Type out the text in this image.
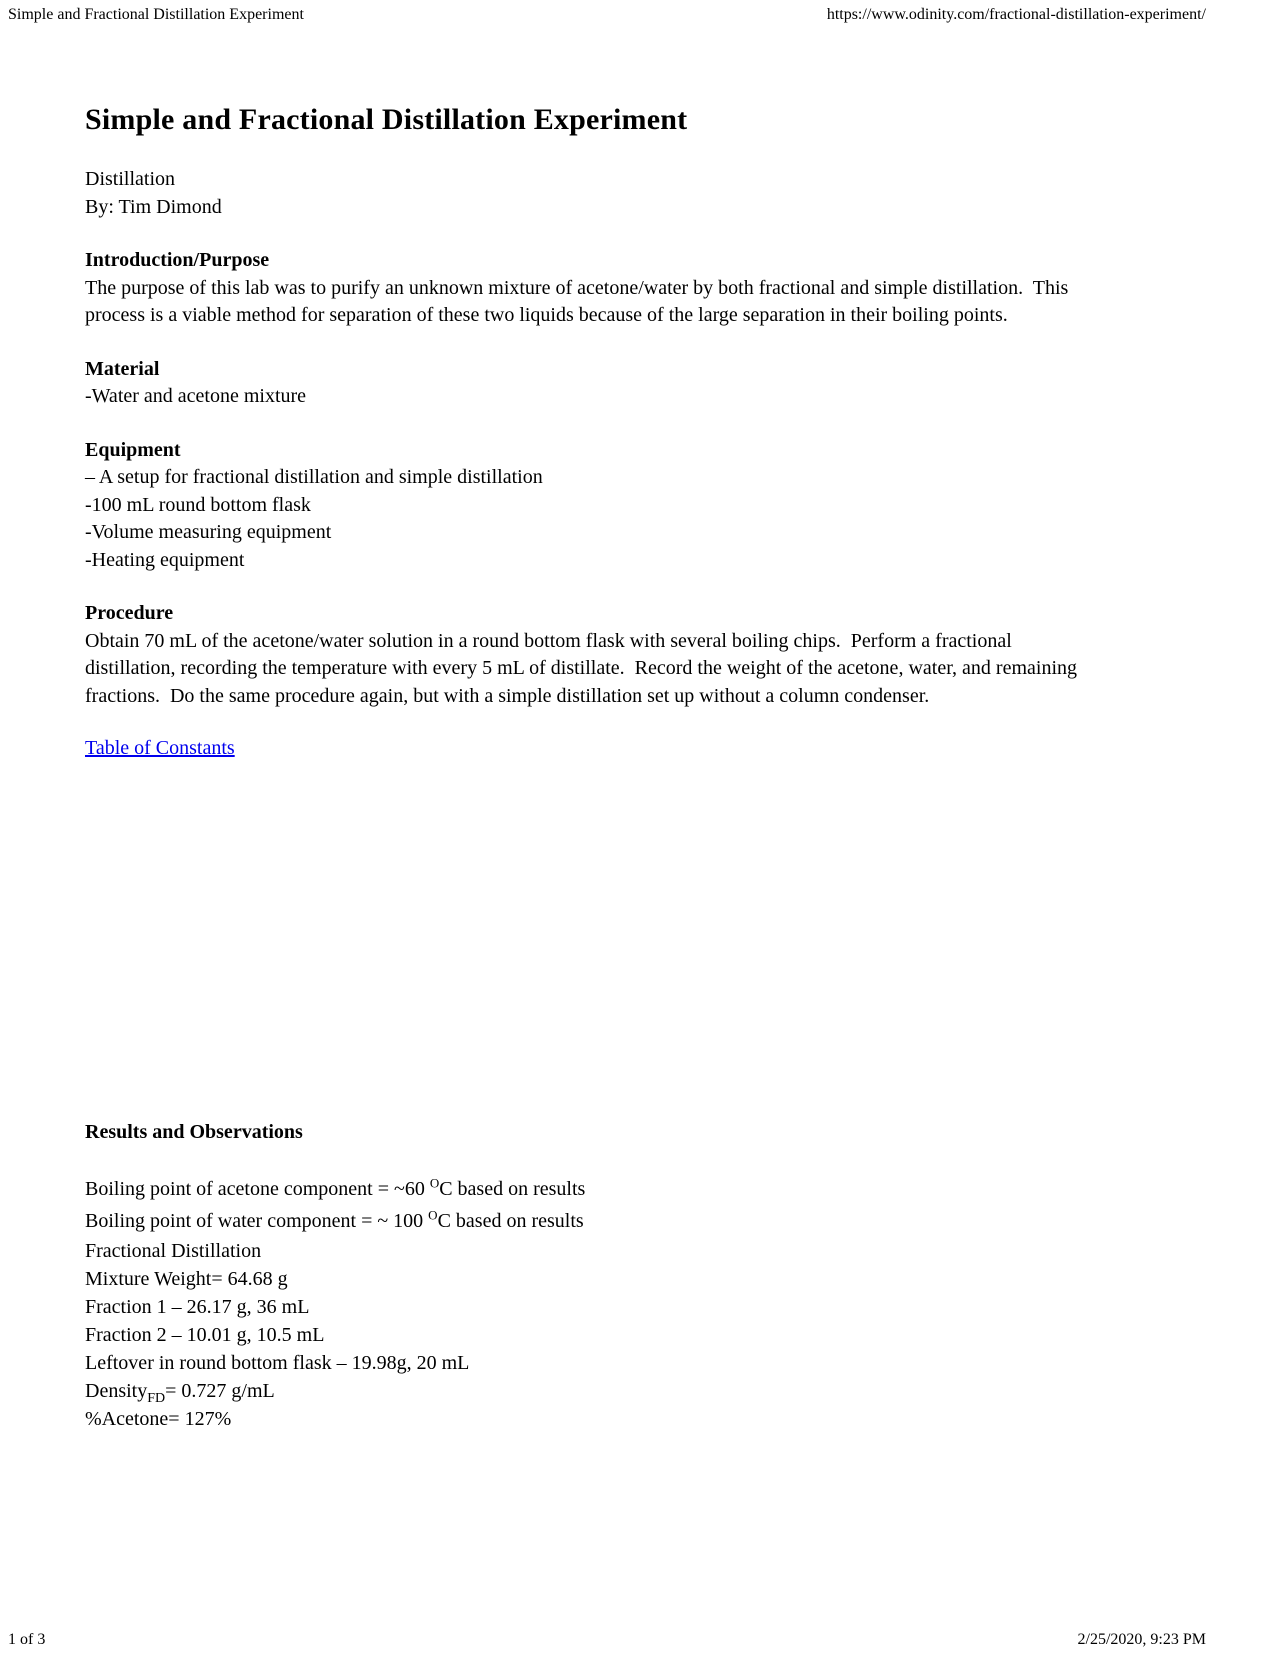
Simple and Fractional Distillation Experiment	https://www.odinity.com/fractional-distillation-experiment/
Simple and Fractional Distillation Experiment
Distillation
By: Tim Dimond
Introduction/Purpose

The purpose of this lab was to purify an unknown mixture of acetone/water by both fractional and simple distillation.  This process is a viable method for separation of these two liquids because of the large separation in their boiling points.

Material
-Water and acetone mixture
Equipment
– A setup for fractional distillation and simple distillation
-100 mL round bottom flask
-Volume measuring equipment
-Heating equipment
Procedure

Obtain 70 mL of the acetone/water solution in a round bottom flask with several boiling chips.  Perform a fractional distillation, recording the temperature with every 5 mL of distillate.  Record the weight of the acetone, water, and remaining fractions.  Do the same procedure again, but with a simple distillation set up without a column condenser.

Table of Constants

Results and Observations
Boiling point of acetone component = ~60 $^O$C based on results
Boiling point of water component = ~ 100 $^O$C based on results
Fractional Distillation
Mixture Weight= 64.68 g
Fraction 1 – 26.17 g, 36 mL
Fraction 2 – 10.01 g, 10.5 mL
Leftover in round bottom flask – 19.98g, 20 mL
Density$_{FD}$= 0.727 g/mL
%Acetone= 127%
1 of 3	2/25/2020, 9:23 PM
